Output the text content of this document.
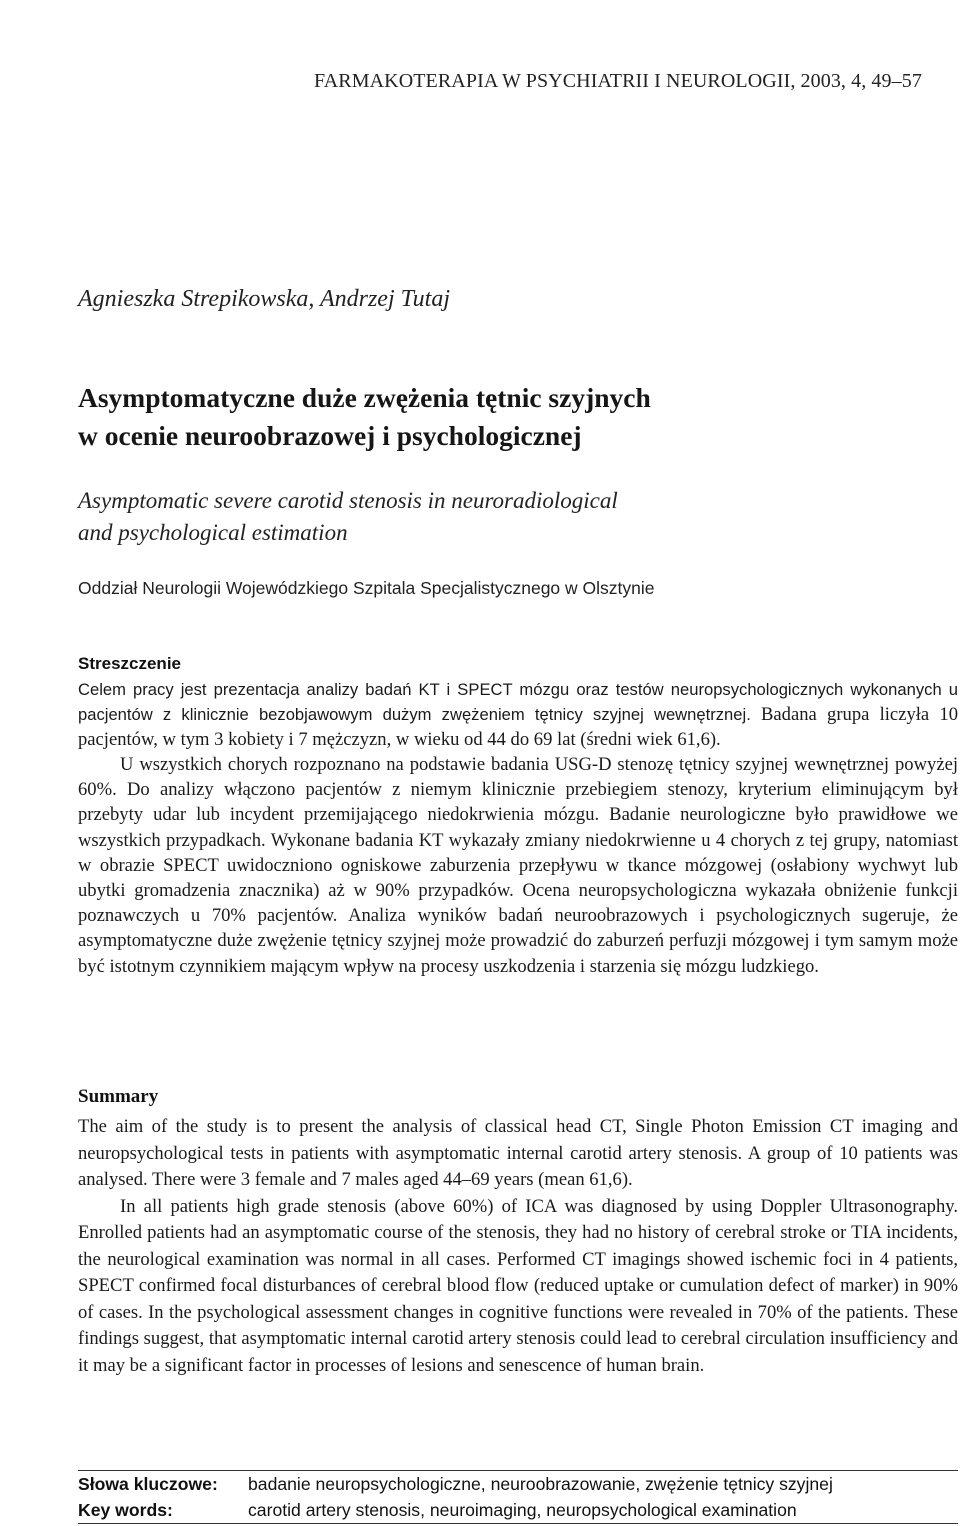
FARMAKOTERAPIA W PSYCHIATRII I NEUROLOGII, 2003, 4, 49–57
Agnieszka Strepikowska, Andrzej Tutaj
Asymptomatyczne duże zwężenia tętnic szyjnych
w ocenie neuroobrazowej i psychologicznej
Asymptomatic severe carotid stenosis in neuroradiological
and psychological estimation
Oddział Neurologii Wojewódzkiego Szpitala Specjalistycznego w Olsztynie
Streszczenie

Celem pracy jest prezentacja analizy badań KT i SPECT mózgu oraz testów neuropsychologicznych wykonanych u pacjentów z klinicznie bezobjawowym dużym zwężeniem tętnicy szyjnej wewnętrznej. Badana grupa liczyła 10 pacjentów, w tym 3 kobiety i 7 mężczyzn, w wieku od 44 do 69 lat (średni wiek 61,6).

U wszystkich chorych rozpoznano na podstawie badania USG-D stenozę tętnicy szyjnej wewnętrznej powyżej 60%. Do analizy włączono pacjentów z niemym klinicznie przebiegiem stenozy, kryterium eliminującym był przebyty udar lub incydent przemijającego niedokrwienia mózgu. Badanie neurologiczne było prawidłowe we wszystkich przypadkach. Wykonane badania KT wykazały zmiany niedokrwienne u 4 chorych z tej grupy, natomiast w obrazie SPECT uwidoczniono ogniskowe zaburzenia przepływu w tkance mózgowej (osłabiony wychwyt lub ubytki gromadzenia znacznika) aż w 90% przypadków. Ocena neuropsychologiczna wykazała obniżenie funkcji poznawczych u 70% pacjentów. Analiza wyników badań neuroobrazowych i psychologicznych sugeruje, że asymptomatyczne duże zwężenie tętnicy szyjnej może prowadzić do zaburzeń perfuzji mózgowej i tym samym może być istotnym czynnikiem mającym wpływ na procesy uszkodzenia i starzenia się mózgu ludzkiego.

Summary

The aim of the study is to present the analysis of classical head CT, Single Photon Emission CT imaging and neuropsychological tests in patients with asymptomatic internal carotid artery stenosis. A group of 10 patients was analysed. There were 3 female and 7 males aged 44–69 years (mean 61,6).

In all patients high grade stenosis (above 60%) of ICA was diagnosed by using Doppler Ultrasonography. Enrolled patients had an asymptomatic course of the stenosis, they had no history of cerebral stroke or TIA incidents, the neurological examination was normal in all cases. Performed CT imagings showed ischemic foci in 4 patients, SPECT confirmed focal disturbances of cerebral blood flow (reduced uptake or cumulation defect of marker) in 90% of cases. In the psychological assessment changes in cognitive functions were revealed in 70% of the patients. These findings suggest, that asymptomatic internal carotid artery stenosis could lead to cerebral circulation insufficiency and it may be a significant factor in processes of lesions and senescence of human brain.

Słowa kluczowe:	badanie neuropsychologiczne, neuroobrazowanie, zwężenie tętnicy szyjnej
Key words:	carotid artery stenosis, neuroimaging, neuropsychological examination
